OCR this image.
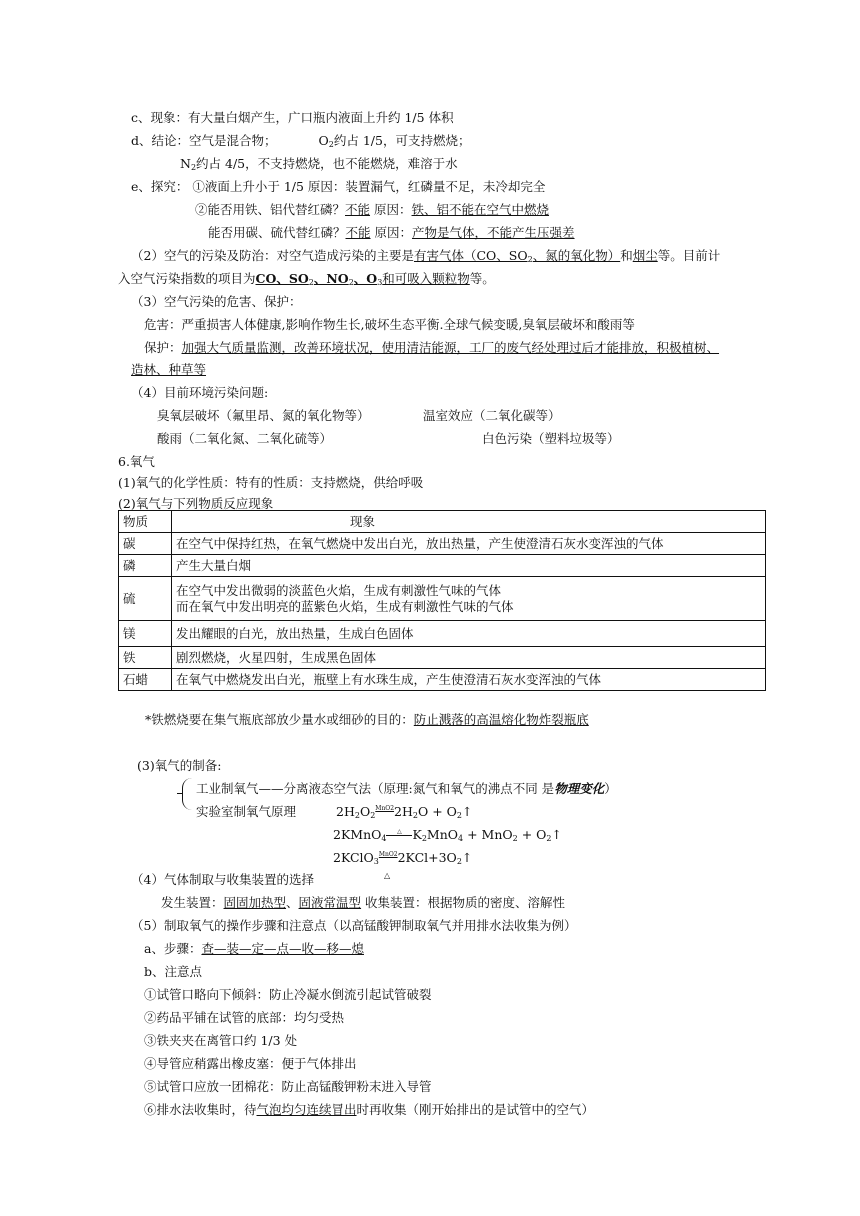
c、现象：有大量白烟产生，广口瓶内液面上升约 1/5 体积
d、结论：空气是混合物；	$O_2$约占 1/5，可支持燃烧；
$N_2$约占 4/5，不支持燃烧，也不能燃烧，难溶于水
e、探究： ①液面上升小于 1/5 原因：装置漏气，红磷量不足，未冷却完全
②能否用铁、铝代替红磷？不能 原因：铁、铝不能在空气中燃烧
能否用碳、硫代替红磷？不能 原因：产物是气体，不能产生压强差
（2）空气的污染及防治：对空气造成污染的主要是有害气体（CO、$SO_2$、氮的氧化物）和烟尘等。目前计
入空气污染指数的项目为CO、$SO_2$、$NO_2$、$O_3$和可吸入颗粒物等。
（3）空气污染的危害、保护：
危害：严重损害人体健康,影响作物生长,破坏生态平衡.全球气候变暖,臭氧层破坏和酸雨等
保护：加强大气质量监测，改善环境状况，使用清洁能源，工厂的废气经处理过后才能排放，积极植树、
造林、种草等
（4）目前环境污染问题:
臭氧层破坏（氟里昂、氮的氧化物等）	温室效应（二氧化碳等）
酸雨（二氧化氮、二氧化硫等）	白色污染（塑料垃圾等）
6.氧气
(1)氧气的化学性质：特有的性质：支持燃烧，供给呼吸
(2)氧气与下列物质反应现象
物质	现象
碳	在空气中保持红热，在氧气燃烧中发出白光，放出热量，产生使澄清石灰水变浑浊的气体
磷	产生大量白烟
硫	在空气中发出微弱的淡蓝色火焰，生成有刺激性气味的气体
而在氧气中发出明亮的蓝紫色火焰，生成有刺激性气味的气体

镁	发出耀眼的白光，放出热量，生成白色固体
铁	剧烈燃烧，火星四射，生成黑色固体
石蜡	在氧气中燃烧发出白光，瓶壁上有水珠生成，产生使澄清石灰水变浑浊的气体
*铁燃烧要在集气瓶底部放少量水或细砂的目的：防止溅落的高温熔化物炸裂瓶底
(3)氧气的制备:
工业制氧气——分离液态空气法（原理:氮气和氧气的沸点不同 是物理变化）
实验室制氧气原理	$2H_2O_2^{MnO2}2H_2O$ + $O_2↑$
2KMnO$_4$△ $K_2MnO_4 + MnO_2$ + $O_2↑$
$2KClO_3^{MnO2}2KCl+3O_2↑$
△
（4）气体制取与收集装置的选择
发生装置：固固加热型、固液常温型 收集装置：根据物质的密度、溶解性
（5）制取氧气的操作步骤和注意点（以高锰酸钾制取氧气并用排水法收集为例）
a、步骤：查—装—定—点—收—移—熄
b、注意点
①试管口略向下倾斜：防止冷凝水倒流引起试管破裂
②药品平铺在试管的底部：均匀受热
③铁夹夹在离管口约 1/3 处
④导管应稍露出橡皮塞：便于气体排出
⑤试管口应放一团棉花：防止高锰酸钾粉末进入导管
⑥排水法收集时，待气泡均匀连续冒出时再收集（刚开始排出的是试管中的空气）
